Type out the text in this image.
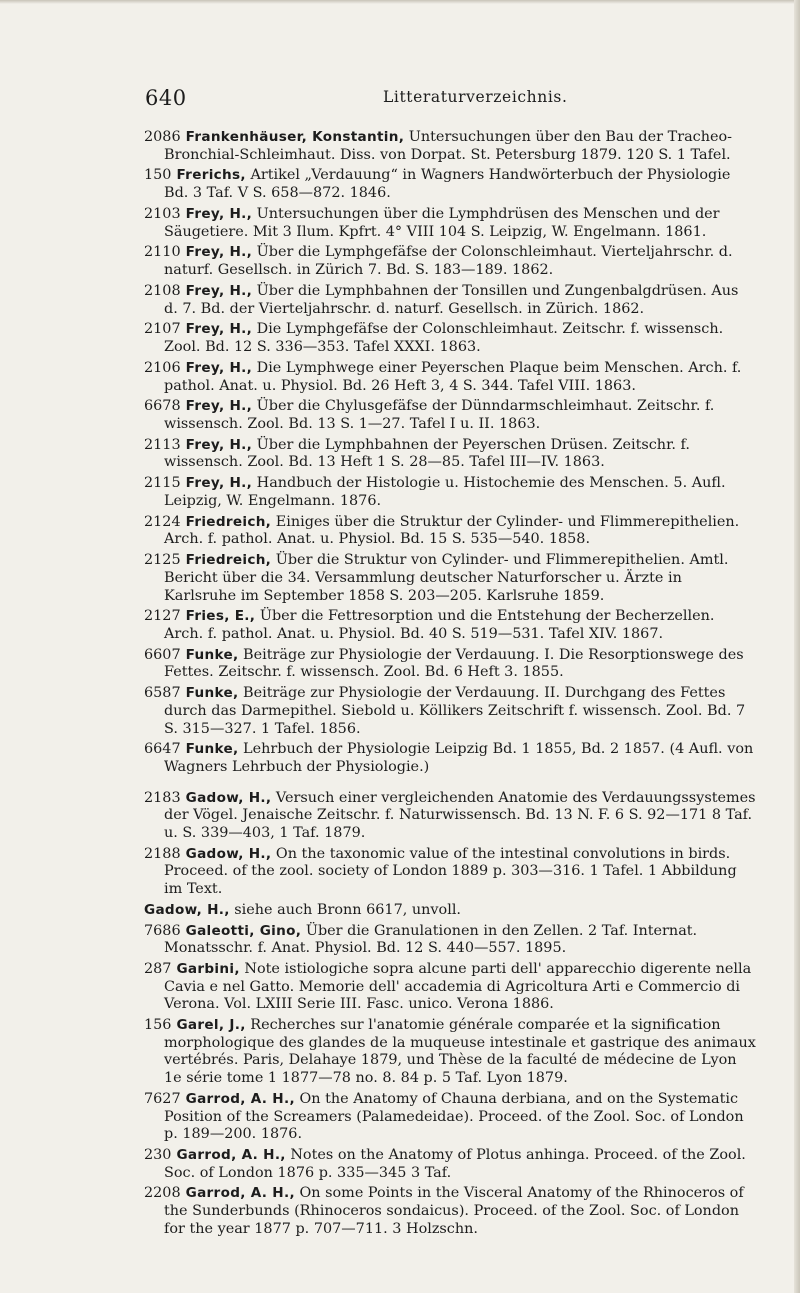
640	Litteraturverzeichnis.
2086 Frankenhäuser, Konstantin, Untersuchungen über den Bau der Tracheo-Bronchial-Schleimhaut. Diss. von Dorpat. St. Petersburg 1879. 120 S. 1 Tafel.
150 Frerichs, Artikel „Verdauung“ in Wagners Handwörterbuch der Physiologie Bd. 3 Taf. V S. 658—872. 1846.
2103 Frey, H., Untersuchungen über die Lymphdrüsen des Menschen und der Säugetiere. Mit 3 Ilum. Kpfrt. 4° VIII 104 S. Leipzig, W. Engelmann. 1861.
2110 Frey, H., Über die Lymphgefäfse der Colonschleimhaut. Vierteljahrschr. d. naturf. Gesellsch. in Zürich 7. Bd. S. 183—189. 1862.
2108 Frey, H., Über die Lymphbahnen der Tonsillen und Zungenbalgdrüsen. Aus d. 7. Bd. der Vierteljahrschr. d. naturf. Gesellsch. in Zürich. 1862.
2107 Frey, H., Die Lymphgefäfse der Colonschleimhaut. Zeitschr. f. wissensch. Zool. Bd. 12 S. 336—353. Tafel XXXI. 1863.
2106 Frey, H., Die Lymphwege einer Peyerschen Plaque beim Menschen. Arch. f. pathol. Anat. u. Physiol. Bd. 26 Heft 3, 4 S. 344. Tafel VIII. 1863.
6678 Frey, H., Über die Chylusgefäfse der Dünndarmschleimhaut. Zeitschr. f. wissensch. Zool. Bd. 13 S. 1—27. Tafel I u. II. 1863.
2113 Frey, H., Über die Lymphbahnen der Peyerschen Drüsen. Zeitschr. f. wissensch. Zool. Bd. 13 Heft 1 S. 28—85. Tafel III—IV. 1863.
2115 Frey, H., Handbuch der Histologie u. Histochemie des Menschen. 5. Aufl. Leipzig, W. Engelmann. 1876.
2124 Friedreich, Einiges über die Struktur der Cylinder- und Flimmerepithelien. Arch. f. pathol. Anat. u. Physiol. Bd. 15 S. 535—540. 1858.
2125 Friedreich, Über die Struktur von Cylinder- und Flimmerepithelien. Amtl. Bericht über die 34. Versammlung deutscher Naturforscher u. Ärzte in Karlsruhe im September 1858 S. 203—205. Karlsruhe 1859.
2127 Fries, E., Über die Fettresorption und die Entstehung der Becherzellen. Arch. f. pathol. Anat. u. Physiol. Bd. 40 S. 519—531. Tafel XIV. 1867.
6607 Funke, Beiträge zur Physiologie der Verdauung. I. Die Resorptionswege des Fettes. Zeitschr. f. wissensch. Zool. Bd. 6 Heft 3. 1855.
6587 Funke, Beiträge zur Physiologie der Verdauung. II. Durchgang des Fettes durch das Darmepithel. Siebold u. Köllikers Zeitschrift f. wissensch. Zool. Bd. 7 S. 315—327. 1 Tafel. 1856.
6647 Funke, Lehrbuch der Physiologie Leipzig Bd. 1 1855, Bd. 2 1857. (4 Aufl. von Wagners Lehrbuch der Physiologie.)
2183 Gadow, H., Versuch einer vergleichenden Anatomie des Verdauungssystemes der Vögel. Jenaische Zeitschr. f. Naturwissensch. Bd. 13 N. F. 6 S. 92—171 8 Taf. u. S. 339—403, 1 Taf. 1879.
2188 Gadow, H., On the taxonomic value of the intestinal convolutions in birds. Proceed. of the zool. society of London 1889 p. 303—316. 1 Tafel. 1 Abbildung im Text.
Gadow, H., siehe auch Bronn 6617, unvoll.
7686 Galeotti, Gino, Über die Granulationen in den Zellen. 2 Taf. Internat. Monatsschr. f. Anat. Physiol. Bd. 12 S. 440—557. 1895.
287 Garbini, Note istiologiche sopra alcune parti dell' apparecchio digerente nella Cavia e nel Gatto. Memorie dell' accademia di Agricoltura Arti e Commercio di Verona. Vol. LXIII Serie III. Fasc. unico. Verona 1886.
156 Garel, J., Recherches sur l'anatomie générale comparée et la signification morphologique des glandes de la muqueuse intestinale et gastrique des animaux vertébrés. Paris, Delahaye 1879, und Thèse de la faculté de médecine de Lyon 1e série tome 1 1877—78 no. 8. 84 p. 5 Taf. Lyon 1879.
7627 Garrod, A. H., On the Anatomy of Chauna derbiana, and on the Systematic Position of the Screamers (Palamedeidae). Proceed. of the Zool. Soc. of London p. 189—200. 1876.
230 Garrod, A. H., Notes on the Anatomy of Plotus anhinga. Proceed. of the Zool. Soc. of London 1876 p. 335—345 3 Taf.
2208 Garrod, A. H., On some Points in the Visceral Anatomy of the Rhinoceros of the Sunderbunds (Rhinoceros sondaicus). Proceed. of the Zool. Soc. of London for the year 1877 p. 707—711. 3 Holzschn.
